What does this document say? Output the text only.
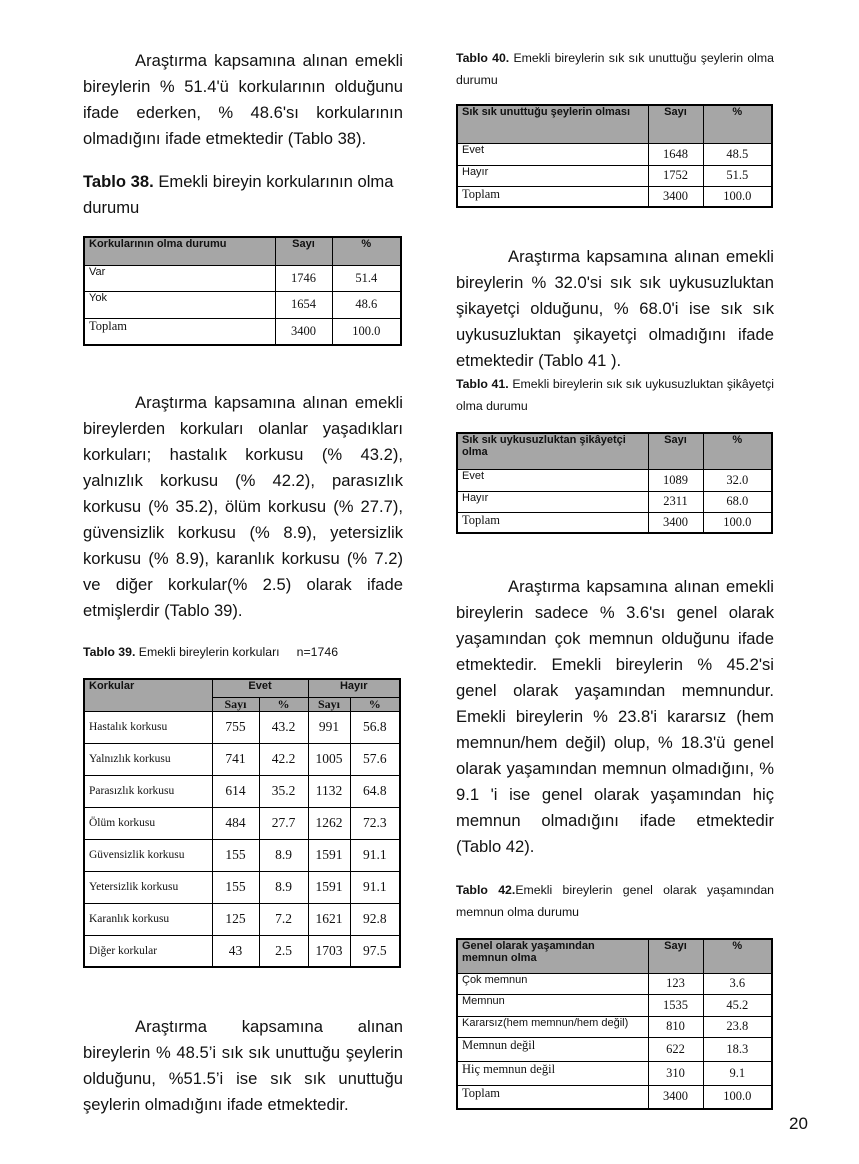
Araştırma kapsamına alınan emekli bireylerin % 51.4'ü korkularının olduğunu ifade ederken, % 48.6'sı korkularının olmadığını ifade etmektedir (Tablo 38).

Tablo 38. Emekli bireyin korkularının olma durumu

Korkularının olma durumu	Sayı	%
Var	1746	51.4
Yok	1654	48.6
Toplam	3400	100.0

Araştırma kapsamına alınan emekli bireylerden korkuları olanlar yaşadıkları korkuları; hastalık korkusu (% 43.2), yalnızlık korkusu (% 42.2), parasızlık korkusu (% 35.2), ölüm korkusu (% 27.7), güvensizlik korkusu (% 8.9), yetersizlik korkusu (% 8.9), karanlık korkusu (% 7.2) ve diğer korkular(% 2.5) olarak ifade etmişlerdir (Tablo 39).

Tablo 39. Emekli bireylerin korkuları     n=1746

Korkular	Evet		Hayır	
	Sayı	%	Sayı	%
Hastalık korkusu	755	43.2	991	56.8
Yalnızlık korkusu	741	42.2	1005	57.6
Parasızlık korkusu	614	35.2	1132	64.8
Ölüm korkusu	484	27.7	1262	72.3
Güvensizlik korkusu	155	8.9	1591	91.1
Yetersizlik korkusu	155	8.9	1591	91.1
Karanlık korkusu	125	7.2	1621	92.8
Diğer korkular	43	2.5	1703	97.5

Araştırma kapsamına alınan bireylerin % 48.5’i sık sık unuttuğu şeylerin olduğunu, %51.5’i ise sık sık unuttuğu şeylerin olmadığını ifade etmektedir.

Tablo 40. Emekli bireylerin sık sık unuttuğu şeylerin olma durumu

Sık sık unuttuğu şeylerin olması	Sayı	%
Evet	1648	48.5
Hayır	1752	51.5
Toplam	3400	100.0

Araştırma kapsamına alınan emekli bireylerin % 32.0'si sık sık uykusuzluktan şikayetçi olduğunu, % 68.0'i ise sık sık uykusuzluktan şikayetçi olmadığını ifade etmektedir (Tablo 41 ).

Tablo 41. Emekli bireylerin sık sık uykusuzluktan şikâyetçi olma durumu

Sık sık uykusuzluktan şikâyetçi olma	Sayı	%
Evet	1089	32.0
Hayır	2311	68.0
Toplam	3400	100.0

Araştırma kapsamına alınan emekli bireylerin sadece % 3.6'sı genel olarak yaşamından çok memnun olduğunu ifade etmektedir. Emekli bireylerin % 45.2'si genel olarak yaşamından memnundur. Emekli bireylerin % 23.8'i kararsız (hem memnun/hem değil) olup, % 18.3'ü genel olarak yaşamından memnun olmadığını, % 9.1 'i ise genel olarak yaşamından hiç memnun olmadığını ifade etmektedir (Tablo 42).

Tablo 42.Emekli bireylerin genel olarak yaşamından memnun olma durumu

Genel olarak yaşamından memnun olma	Sayı	%
Çok memnun	123	3.6
Memnun	1535	45.2
Kararsız(hem memnun/hem değil)	810	23.8
Memnun değil	622	18.3
Hiç memnun değil	310	9.1
Toplam	3400	100.0
20
